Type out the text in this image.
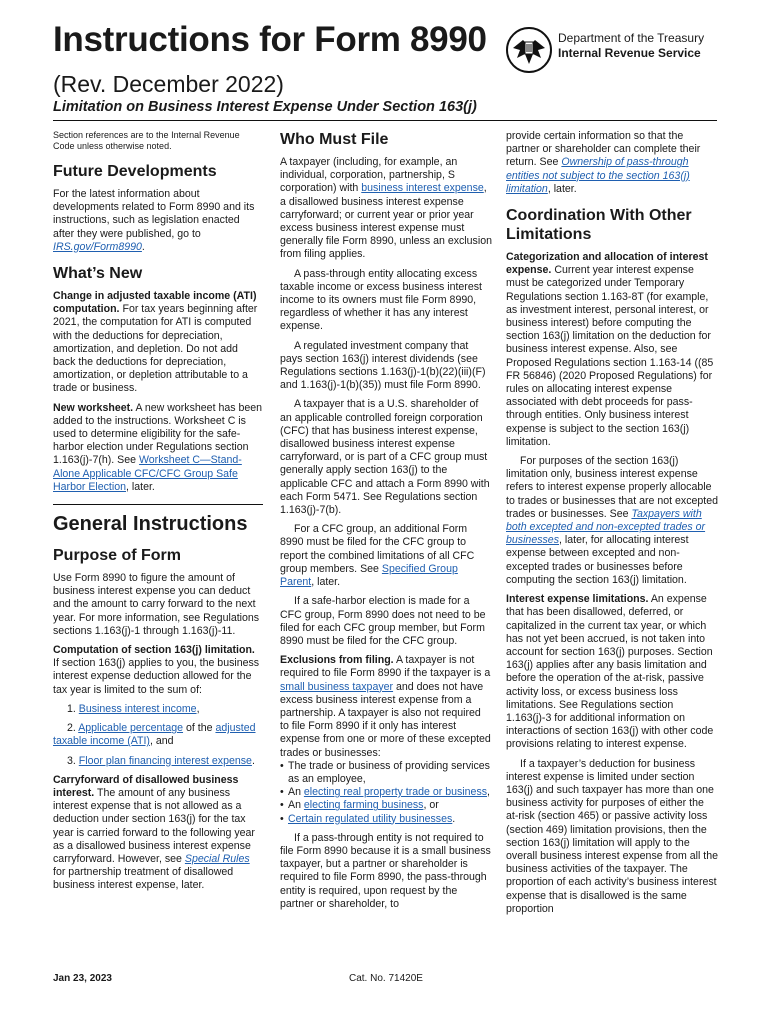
Instructions for Form 8990
(Rev. December 2022)
Limitation on Business Interest Expense Under Section 163(j)
Department of the Treasury
Internal Revenue Service

Section references are to the Internal Revenue Code unless otherwise noted.

Future Developments

For the latest information about developments related to Form 8990 and its instructions, such as legislation enacted after they were published, go to IRS.gov/Form8990.

What’s New

Change in adjusted taxable income (ATI) computation. For tax years beginning after 2021, the computation for ATI is computed with the deductions for depreciation, amortization, and depletion. Do not add back the deductions for depreciation, amortization, or depletion attributable to a trade or business.

New worksheet. A new worksheet has been added to the instructions. Worksheet C is used to determine eligibility for the safe-harbor election under Regulations section 1.163(j)-7(h). See Worksheet C—Stand-Alone Applicable CFC/CFC Group Safe Harbor Election, later.

General Instructions
Purpose of Form

Use Form 8990 to figure the amount of business interest expense you can deduct and the amount to carry forward to the next year. For more information, see Regulations sections 1.163(j)-1 through 1.163(j)-11.

Computation of section 163(j) limitation. If section 163(j) applies to you, the business interest expense deduction allowed for the tax year is limited to the sum of:

1. Business interest income,
2. Applicable percentage of the adjusted taxable income (ATI), and
3. Floor plan financing interest expense.

Carryforward of disallowed business interest. The amount of any business interest expense that is not allowed as a deduction under section 163(j) for the tax year is carried forward to the following year as a disallowed business interest expense carryforward. However, see Special Rules for partnership treatment of disallowed business interest expense, later.

Who Must File

A taxpayer (including, for example, an individual, corporation, partnership, S corporation) with business interest expense, a disallowed business interest expense carryforward; or current year or prior year excess business interest expense must generally file Form 8990, unless an exclusion from filing applies.

A pass-through entity allocating excess taxable income or excess business interest income to its owners must file Form 8990, regardless of whether it has any interest expense.

A regulated investment company that pays section 163(j) interest dividends (see Regulations sections 1.163(j)-1(b)(22)(iii)(F) and 1.163(j)-1(b)(35)) must file Form 8990.

A taxpayer that is a U.S. shareholder of an applicable controlled foreign corporation (CFC) that has business interest expense, disallowed business interest expense carryforward, or is part of a CFC group must generally apply section 163(j) to the applicable CFC and attach a Form 8990 with each Form 5471. See Regulations section 1.163(j)-7(b).

For a CFC group, an additional Form 8990 must be filed for the CFC group to report the combined limitations of all CFC group members. See Specified Group Parent, later.

If a safe-harbor election is made for a CFC group, Form 8990 does not need to be filed for each CFC group member, but Form 8990 must be filed for the CFC group.

Exclusions from filing. A taxpayer is not required to file Form 8990 if the taxpayer is a small business taxpayer and does not have excess business interest expense from a partnership. A taxpayer is also not required to file Form 8990 if it only has interest expense from one or more of these excepted trades or businesses:

• The trade or business of providing services as an employee,
• An electing real property trade or business,
• An electing farming business, or
• Certain regulated utility businesses.

If a pass-through entity is not required to file Form 8990 because it is a small business taxpayer, but a partner or shareholder is required to file Form 8990, the pass-through entity is required, upon request by the partner or shareholder, to

provide certain information so that the partner or shareholder can complete their return. See Ownership of pass-through entities not subject to the section 163(j) limitation, later.

Coordination With Other Limitations

Categorization and allocation of interest expense. Current year interest expense must be categorized under Temporary Regulations section 1.163-8T (for example, as investment interest, personal interest, or business interest) before computing the section 163(j) limitation on the deduction for business interest expense. Also, see Proposed Regulations section 1.163-14 ((85 FR 56846) (2020 Proposed Regulations) for rules on allocating interest expense associated with debt proceeds for pass-through entities. Only business interest expense is subject to the section 163(j) limitation.

For purposes of the section 163(j) limitation only, business interest expense refers to interest expense properly allocable to trades or businesses that are not excepted trades or businesses. See Taxpayers with both excepted and non-excepted trades or businesses, later, for allocating interest expense between excepted and non-excepted trades or businesses before computing the section 163(j) limitation.

Interest expense limitations. An expense that has been disallowed, deferred, or capitalized in the current tax year, or which has not yet been accrued, is not taken into account for section 163(j) purposes. Section 163(j) applies after any basis limitation and before the operation of the at-risk, passive activity loss, or excess business loss limitations. See Regulations section 1.163(j)-3 for additional information on interactions of section 163(j) with other code provisions relating to interest expense.

If a taxpayer’s deduction for business interest expense is limited under section 163(j) and such taxpayer has more than one business activity for purposes of either the at-risk (section 465) or passive activity loss (section 469) limitation provisions, then the section 163(j) limitation will apply to the overall business interest expense from all the business activities of the taxpayer. The proportion of each activity’s business interest expense that is disallowed is the same proportion

Jan 23, 2023	Cat. No. 71420E
